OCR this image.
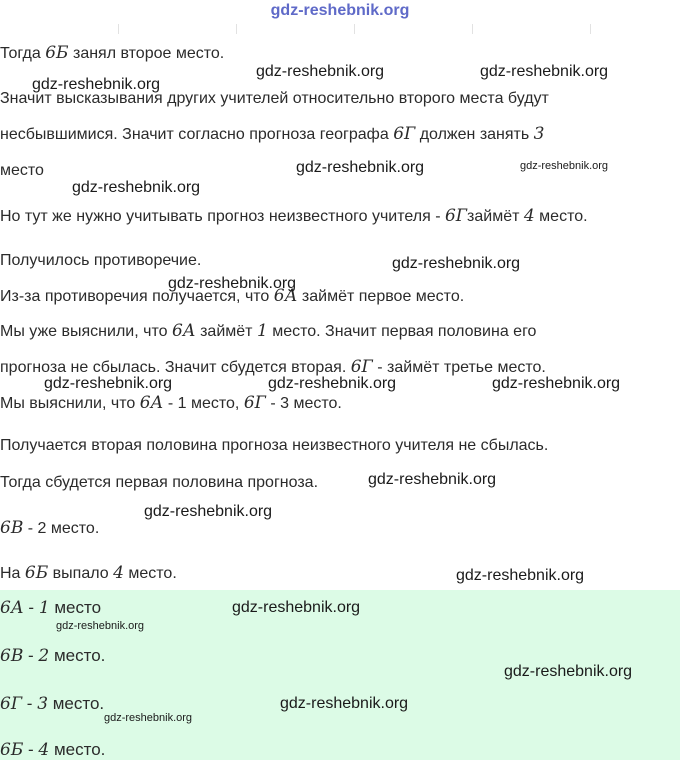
gdz-reshebnik.org
Тогда 6Б занял второе место.
Значит высказывания других учителей относительно второго места будут
несбывшимися. Значит согласно прогноза географа 6Г должен занять 3
место
Но тут же нужно учитывать прогноз неизвестного учителя - 6Гзаймёт 4 место.
Получилось противоречие.
Из-за противоречия получается, что 6А займёт первое место.
Мы уже выяснили, что 6А займёт 1 место. Значит первая половина его
прогноза не сбылась. Значит сбудется вторая. 6Г - займёт третье место.
Мы выяснили, что 6А - 1 место, 6Г - 3 место.
Получается вторая половина прогноза неизвестного учителя не сбылась.
Тогда сбудется первая половина прогноза.
6В - 2 место.
На 6Б выпало 4 место.
6А - 1 место
6В - 2 место.
6Г - 3 место.
6Б - 4 место.
gdz-reshebnik.org
gdz-reshebnik.org	gdz-reshebnik.org
gdz-reshebnik.org	gdz-reshebnik.org
gdz-reshebnik.org
gdz-reshebnik.org
gdz-reshebnik.org
gdz-reshebnik.org	gdz-reshebnik.org	gdz-reshebnik.org
gdz-reshebnik.org
gdz-reshebnik.org
gdz-reshebnik.org
gdz-reshebnik.org
gdz-reshebnik.org
gdz-reshebnik.org
gdz-reshebnik.org
gdz-reshebnik.org
